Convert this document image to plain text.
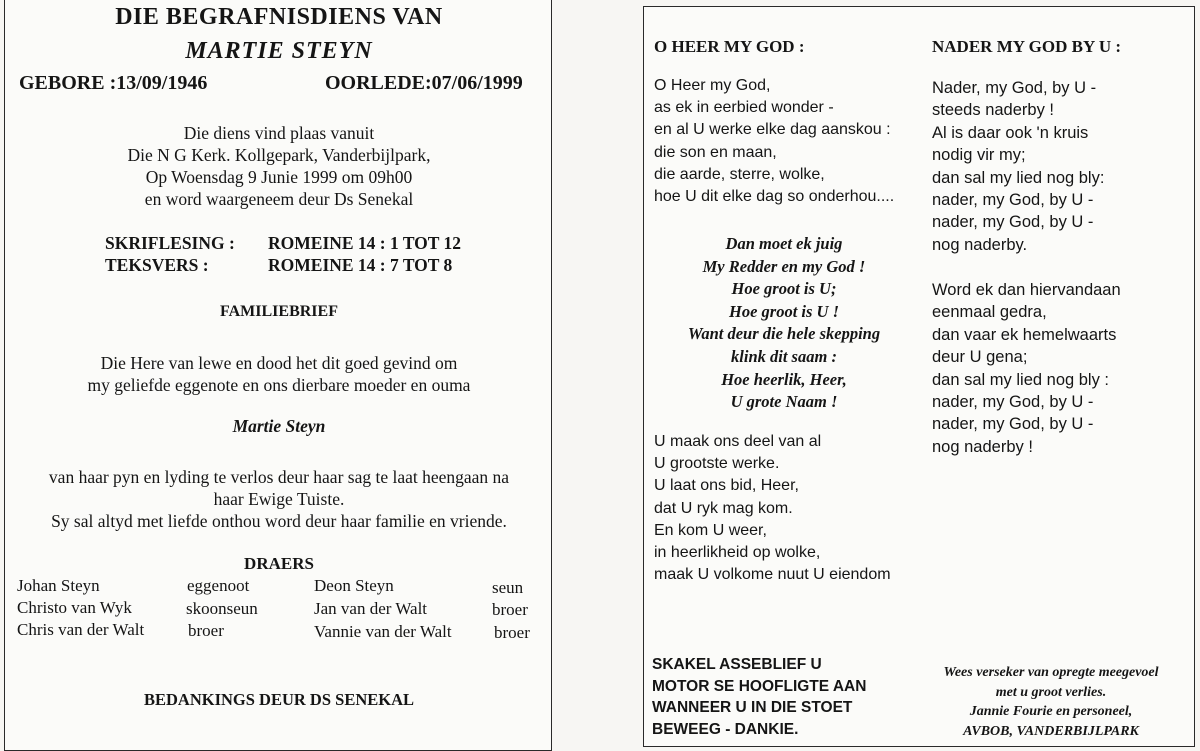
DIE BEGRAFNISDIENS VAN
MARTIE STEYN
GEBORE :13/09/1946	OORLEDE:07/06/1999
Die diens vind plaas vanuit
Die N G Kerk. Kollgepark, Vanderbijlpark,
Op Woensdag 9 Junie 1999 om 09h00
en word waargeneem deur Ds Senekal
SKRIFLESING : ROMEINE 14 : 1 TOT 12
TEKSVERS :	ROMEINE 14 : 7 TOT 8
FAMILIEBRIEF
Die Here van lewe en dood het dit goed gevind om
my geliefde eggenote en ons dierbare moeder en ouma
Martie Steyn
van haar pyn en lyding te verlos deur haar sag te laat heengaan na
haar Ewige Tuiste.
Sy sal altyd met liefde onthou word deur haar familie en vriende.
DRAERS
Johan Steyn	eggenoot	Deon Steyn	seun
Christo van Wyk	skoonseun	Jan van der Walt	broer
Chris van der Walt	broer	Vannie van der Walt broer
BEDANKINGS DEUR DS SENEKAL
O HEER MY GOD :	NADER MY GOD BY U :
O Heer my God,
as ek in eerbied wonder -
en al U werke elke dag aanskou :
die son en maan,
die aarde, sterre, wolke,
hoe U dit elke dag so onderhou....
Dan moet ek juig
My Redder en my God !
Hoe groot is U;
Hoe groot is U !
Want deur die hele skepping
klink dit saam :
Hoe heerlik, Heer,
U grote Naam !
U maak ons deel van al
U grootste werke.
U laat ons bid, Heer,
dat U ryk mag kom.
En kom U weer,
in heerlikheid op wolke,
maak U volkome nuut U eiendom
Nader, my God, by U -
steeds naderby !
Al is daar ook 'n kruis
nodig vir my;
dan sal my lied nog bly:
nader, my God, by U -
nader, my God, by U -
nog naderby.
Word ek dan hiervandaan
eenmaal gedra,
dan vaar ek hemelwaarts
deur U gena;
dan sal my lied nog bly :
nader, my God, by U -
nader, my God, by U -
nog naderby !
SKAKEL ASSEBLIEF U
MOTOR SE HOOFLIGTE AAN
WANNEER U IN DIE STOET
BEWEEG - DANKIE.
Wees verseker van opregte meegevoel
met u groot verlies.
Jannie Fourie en personeel,
AVBOB, VANDERBIJLPARK
